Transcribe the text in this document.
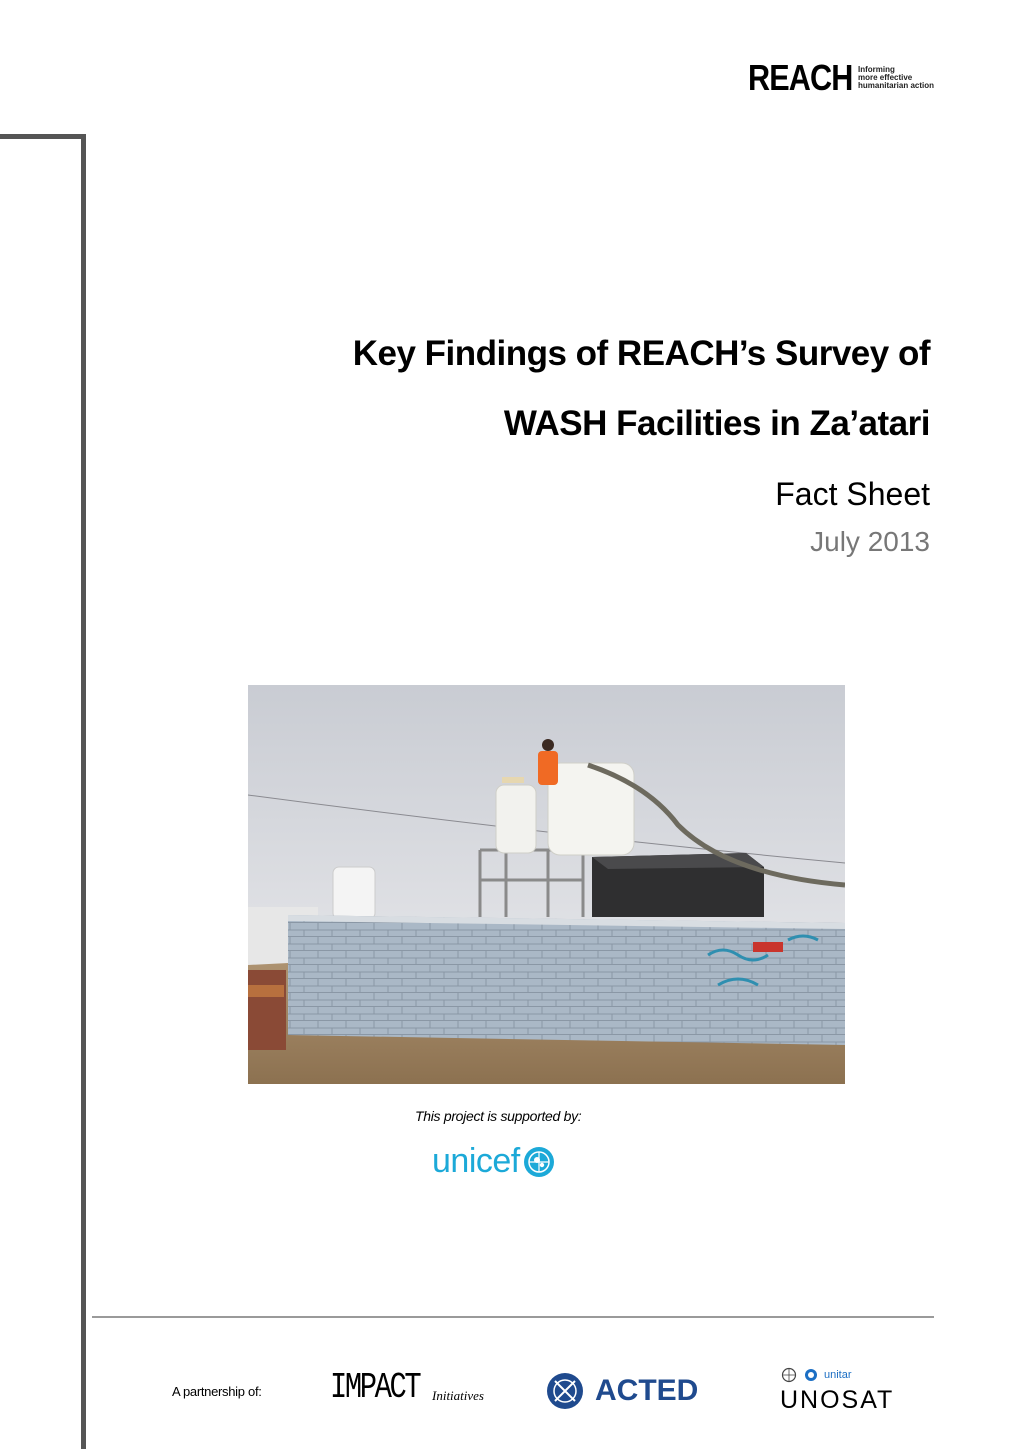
REACH Informing
more effective
humanitarian action
Key Findings of REACH’s Survey of
WASH Facilities in Za’atari
Fact Sheet
July 2013
This project is supported by:
unicef
A partnership of: IMPACT Initiatives	ACTED	unitar
UNOSAT
